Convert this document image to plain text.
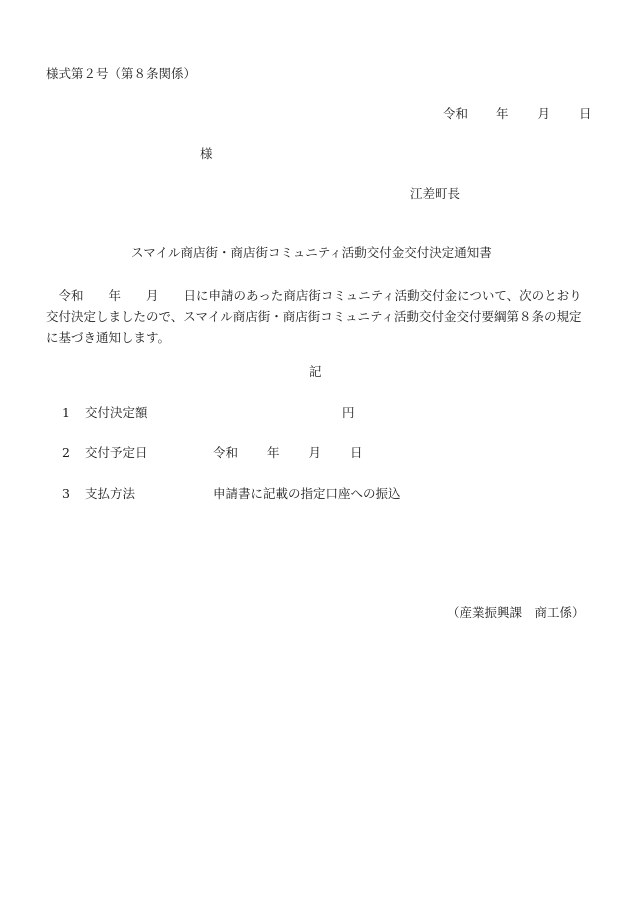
様式第２号（第８条関係）
令和 年 月 日
様
江差町長
スマイル商店街・商店街コミュニティ活動交付金交付決定通知書
令和　　年　　月　　日に申請のあった商店街コミュニティ活動交付金について、次のとおり交付決定しましたので、スマイル商店街・商店街コミュニティ活動交付金交付要綱第８条の規定に基づき通知します。
記
1 交付決定額	円
2 交付予定日	令和 年 月 日
3 支払方法	申請書に記載の指定口座への振込
（産業振興課　商工係）
